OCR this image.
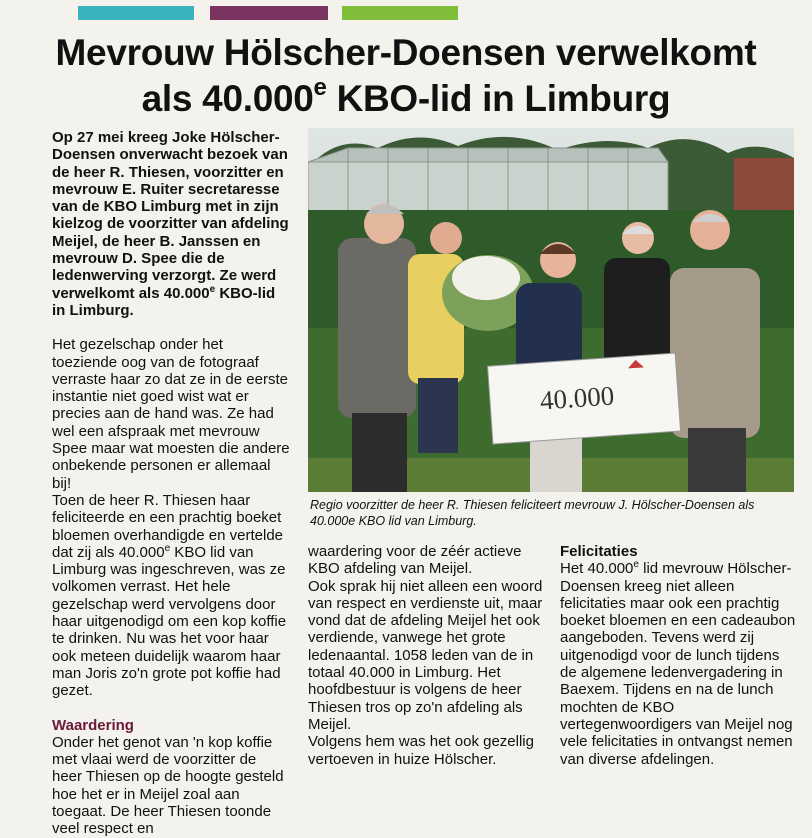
Mevrouw Hölscher-Doensen verwelkomt
als 40.000e KBO-lid in Limburg

Op 27 mei kreeg Joke Hölscher-Doensen onverwacht bezoek van de heer R. Thiesen, voorzitter en mevrouw E. Ruiter secretaresse van de KBO Limburg met in zijn kielzog de voorzitter van afdeling Meijel, de heer B. Janssen en mevrouw D. Spee die de ledenwerving verzorgt. Ze werd verwelkomt als 40.000e KBO-lid in Limburg.

Het gezelschap onder het toeziende oog van de fotograaf verraste haar zo dat ze in de eerste instantie niet goed wist wat er precies aan de hand was. Ze had wel een afspraak met mevrouw Spee maar wat moesten die andere onbekende personen er allemaal bij!

Toen de heer R. Thiesen haar feliciteerde en een prachtig boeket bloemen overhandigde en vertelde dat zij als 40.000e KBO lid van Limburg was ingeschreven, was ze volkomen verrast. Het hele gezelschap werd vervolgens door haar uitgenodigd om een kop koffie te drinken. Nu was het voor haar ook meteen duidelijk waarom haar man Joris zo'n grote pot koffie had gezet.

Waardering

Onder het genot van 'n kop koffie met vlaai werd de voorzitter de heer Thiesen op de hoogte gesteld hoe het er in Meijel zoal aan toegaat. De heer Thiesen toonde veel respect en

40.000
Regio voorzitter de heer R. Thiesen feliciteert mevrouw J. Hölscher-Doensen als 40.000e KBO lid van Limburg.

waardering voor de zéér actieve KBO afdeling van Meijel.

Ook sprak hij niet alleen een woord van respect en verdienste uit, maar vond dat de afdeling Meijel het ook verdiende, vanwege het grote ledenaantal. 1058 leden van de in totaal 40.000 in Limburg. Het hoofdbestuur is volgens de heer Thiesen tros op zo'n afdeling als Meijel.

Volgens hem was het ook gezellig vertoeven in huize Hölscher.

Felicitaties

Het 40.000e lid mevrouw Hölscher-Doensen kreeg niet alleen felicitaties maar ook een prachtig boeket bloemen en een cadeaubon aangeboden. Tevens werd zij uitgenodigd voor de lunch tijdens de algemene ledenvergadering in Baexem. Tijdens en na de lunch mochten de KBO vertegenwoordigers van Meijel nog vele felicitaties in ontvangst nemen van diverse afdelingen.
